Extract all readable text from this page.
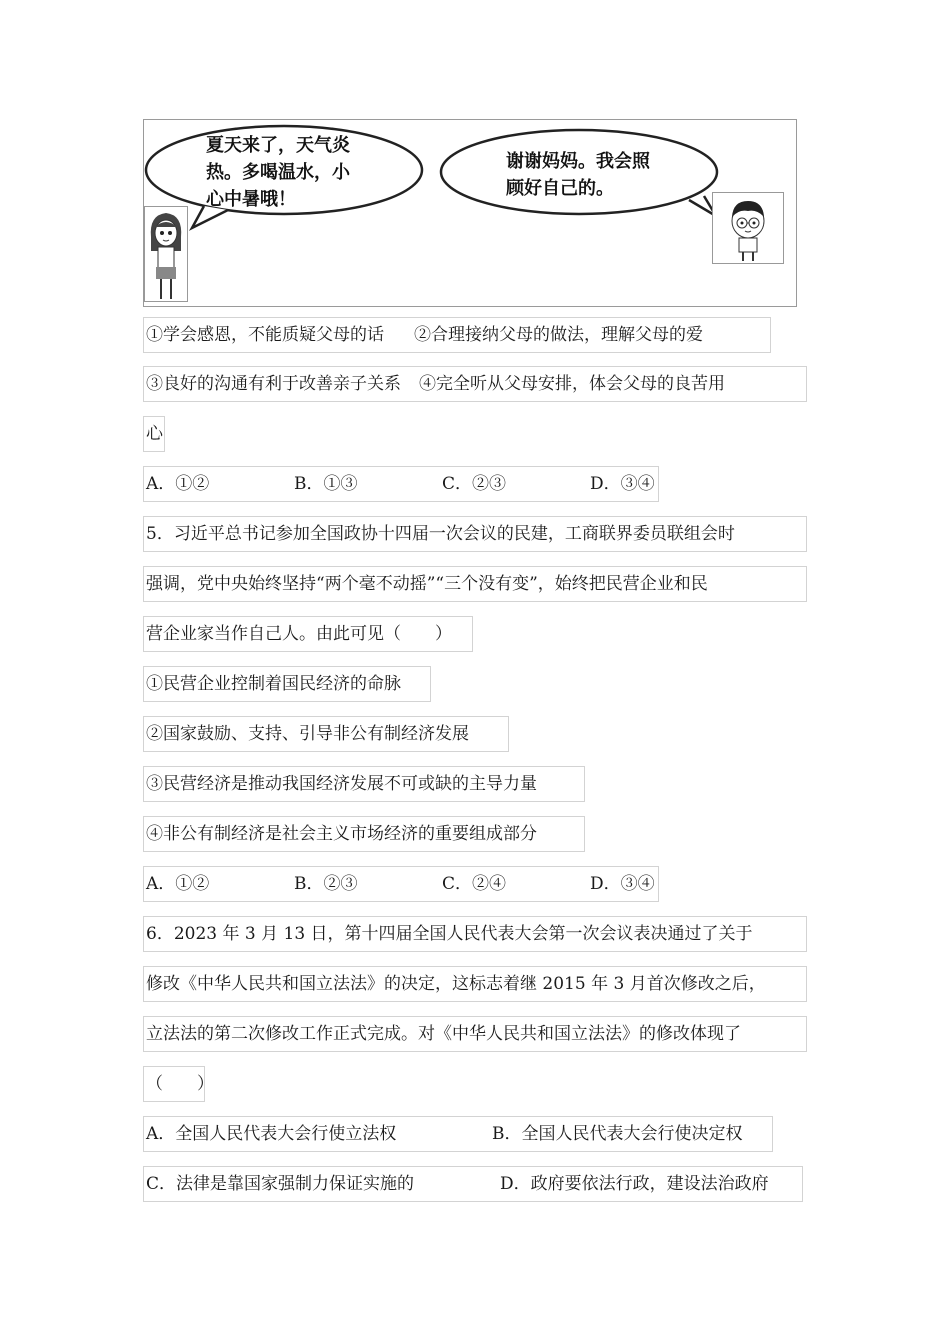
夏天来了，天气炎
热。多喝温水，小
心中暑哦！
谢谢妈妈。我会照
顾好自己的。
①学会感恩，不能质疑父母的话 ②合理接纳父母的做法，理解父母的爱
③良好的沟通有利于改善亲子关系 ④完全听从父母安排，体会父母的良苦用
心
A．①②	B．①③	C．②③	D．③④
5．习近平总书记参加全国政协十四届一次会议的民建，工商联界委员联组会时
强调，党中央始终坚持“两个毫不动摇”“三个没有变”，始终把民营企业和民
营企业家当作自己人。由此可见（　　）
①民营企业控制着国民经济的命脉
②国家鼓励、支持、引导非公有制经济发展
③民营经济是推动我国经济发展不可或缺的主导力量
④非公有制经济是社会主义市场经济的重要组成部分
A．①②	B．②③	C．②④	D．③④
6．2023 年 3 月 13 日，第十四届全国人民代表大会第一次会议表决通过了关于
修改《中华人民共和国立法法》的决定，这标志着继 2015 年 3 月首次修改之后，
立法法的第二次修改工作正式完成。对《中华人民共和国立法法》的修改体现了
（　　）
A．全国人民代表大会行使立法权	B．全国人民代表大会行使决定权
C．法律是靠国家强制力保证实施的	D．政府要依法行政，建设法治政府
